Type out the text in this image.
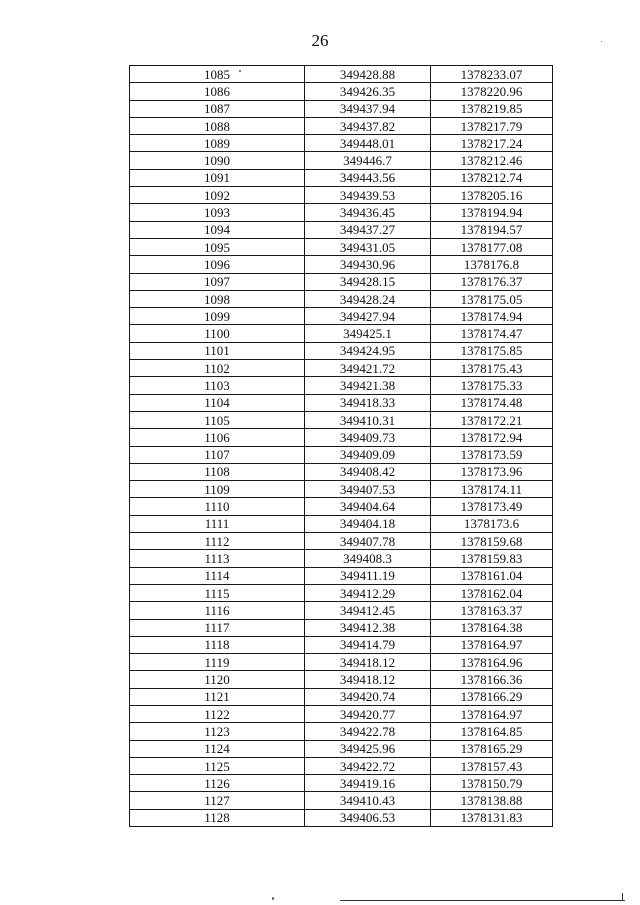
26
1085	349428.88	1378233.07
1086	349426.35	1378220.96
1087	349437.94	1378219.85
1088	349437.82	1378217.79
1089	349448.01	1378217.24
1090	349446.7	1378212.46
1091	349443.56	1378212.74
1092	349439.53	1378205.16
1093	349436.45	1378194.94
1094	349437.27	1378194.57
1095	349431.05	1378177.08
1096	349430.96	1378176.8
1097	349428.15	1378176.37
1098	349428.24	1378175.05
1099	349427.94	1378174.94
1100	349425.1	1378174.47
1101	349424.95	1378175.85
1102	349421.72	1378175.43
1103	349421.38	1378175.33
1104	349418.33	1378174.48
1105	349410.31	1378172.21
1106	349409.73	1378172.94
1107	349409.09	1378173.59
1108	349408.42	1378173.96
1109	349407.53	1378174.11
1110	349404.64	1378173.49
1111	349404.18	1378173.6
1112	349407.78	1378159.68
1113	349408.3	1378159.83
1114	349411.19	1378161.04
1115	349412.29	1378162.04
1116	349412.45	1378163.37
1117	349412.38	1378164.38
1118	349414.79	1378164.97
1119	349418.12	1378164.96
1120	349418.12	1378166.36
1121	349420.74	1378166.29
1122	349420.77	1378164.97
1123	349422.78	1378164.85
1124	349425.96	1378165.29
1125	349422.72	1378157.43
1126	349419.16	1378150.79
1127	349410.43	1378138.88
1128	349406.53	1378131.83
